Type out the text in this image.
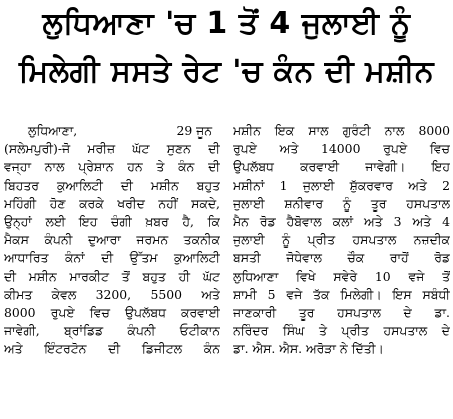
ਲੁਧਿਆਣਾ 'ਚ 1 ਤੋਂ 4 ਜੁਲਾਈ ਨੂੰ
ਮਿਲੇਗੀ ਸਸਤੇ ਰੇਟ 'ਚ ਕੰਨ ਦੀ ਮਸ਼ੀਨ
ਲੁਧਿਆਣਾ,	29 ਜੂਨ
(ਸਲੇਮਪੁਰੀ)-ਜੋ ਮਰੀਜ਼ ਘੱਟ ਸੁਣਨ ਦੀ
ਵਜ੍ਹਾ ਨਾਲ ਪ੍ਰੇਸ਼ਾਨ ਹਨ ਤੇ ਕੰਨ ਦੀ
ਬਿਹਤਰ ਕੁਆਲਿਟੀ ਦੀ ਮਸ਼ੀਨ ਬਹੁਤ
ਮਹਿੰਗੀ ਹੋਣ ਕਰਕੇ ਖਰੀਦ ਨਹੀਂ ਸਕਦੇ,
ਉਨ੍ਹਾਂ ਲਈ ਇਹ ਚੰਗੀ ਖ਼ਬਰ ਹੈ, ਕਿ
ਮੈਕਸ ਕੰਪਨੀ ਦੁਆਰਾ ਜਰਮਨ ਤਕਨੀਕ
ਆਧਾਰਿਤ ਕੰਨਾਂ ਦੀ ਉੱਤਮ ਕੁਆਲਿਟੀ
ਦੀ ਮਸ਼ੀਨ ਮਾਰਕੀਟ ਤੋਂ ਬਹੁਤ ਹੀ ਘੱਟ
ਕੀਮਤ ਕੇਵਲ 3200, 5500 ਅਤੇ
8000 ਰੁਪਏ ਵਿਚ ਉਪਲੱਬਧ ਕਰਵਾਈ
ਜਾਵੇਗੀ, ਬ੍ਰਾਂਡਿਡ ਕੰਪਨੀ ਓਟੀਕਾਨ
ਅਤੇ ਇੰਟਰਟੋਨ ਦੀ ਡਿਜੀਟਲ ਕੰਨ
ਮਸ਼ੀਨ ਇਕ ਸਾਲ ਗੁਰੰਟੀ ਨਾਲ 8000
ਰੁਪਏ ਅਤੇ 14000 ਰੁਪਏ ਵਿਚ
ਉਪਲੱਬਧ ਕਰਵਾਈ ਜਾਵੇਗੀ। ਇਹ
ਮਸ਼ੀਨਾਂ 1 ਜੁਲਾਈ ਸ਼ੁੱਕਰਵਾਰ ਅਤੇ 2
ਜੁਲਾਈ ਸ਼ਨੀਵਾਰ ਨੂੰ ਤੂਰ ਹਸਪਤਾਲ
ਮੈਨ ਰੋਡ ਹੈਬੋਵਾਲ ਕਲਾਂ ਅਤੇ 3 ਅਤੇ 4
ਜੁਲਾਈ ਨੂੰ ਪ੍ਰੀਤ ਹਸਪਤਾਲ ਨਜ਼ਦੀਕ
ਬਸਤੀ ਜੋਧੇਵਾਲ ਚੌਕ ਰਾਹੋਂ ਰੋਡ
ਲੁਧਿਆਣਾ ਵਿਖੇ ਸਵੇਰੇ 10 ਵਜੇ ਤੋਂ
ਸ਼ਾਮੀ 5 ਵਜੇ ਤੱਕ ਮਿਲੇਗੀ। ਇਸ ਸਬੰਧੀ
ਜਾਣਕਾਰੀ ਤੂਰ ਹਸਪਤਾਲ ਦੇ ਡਾ.
ਨਰਿੰਦਰ ਸਿੰਘ ਤੇ ਪ੍ਰੀਤ ਹਸਪਤਾਲ ਦੇ
ਡਾ. ਐਸ. ਐਸ. ਅਰੋੜਾ ਨੇ ਦਿੱਤੀ।
